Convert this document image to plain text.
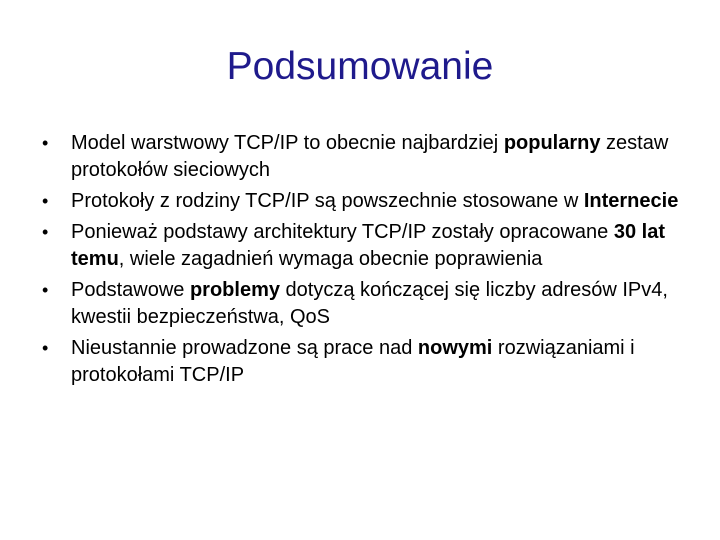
Podsumowanie
•	Model warstwowy TCP/IP to obecnie najbardziej popularny zestaw protokołów sieciowych
•	Protokoły z rodziny TCP/IP są powszechnie stosowane w Internecie
•	Ponieważ podstawy architektury TCP/IP zostały opracowane 30 lat temu, wiele zagadnień wymaga obecnie poprawienia
•	Podstawowe problemy dotyczą kończącej się liczby adresów IPv4, kwestii bezpieczeństwa, QoS
•	Nieustannie prowadzone są prace nad nowymi rozwiązaniami i protokołami TCP/IP
